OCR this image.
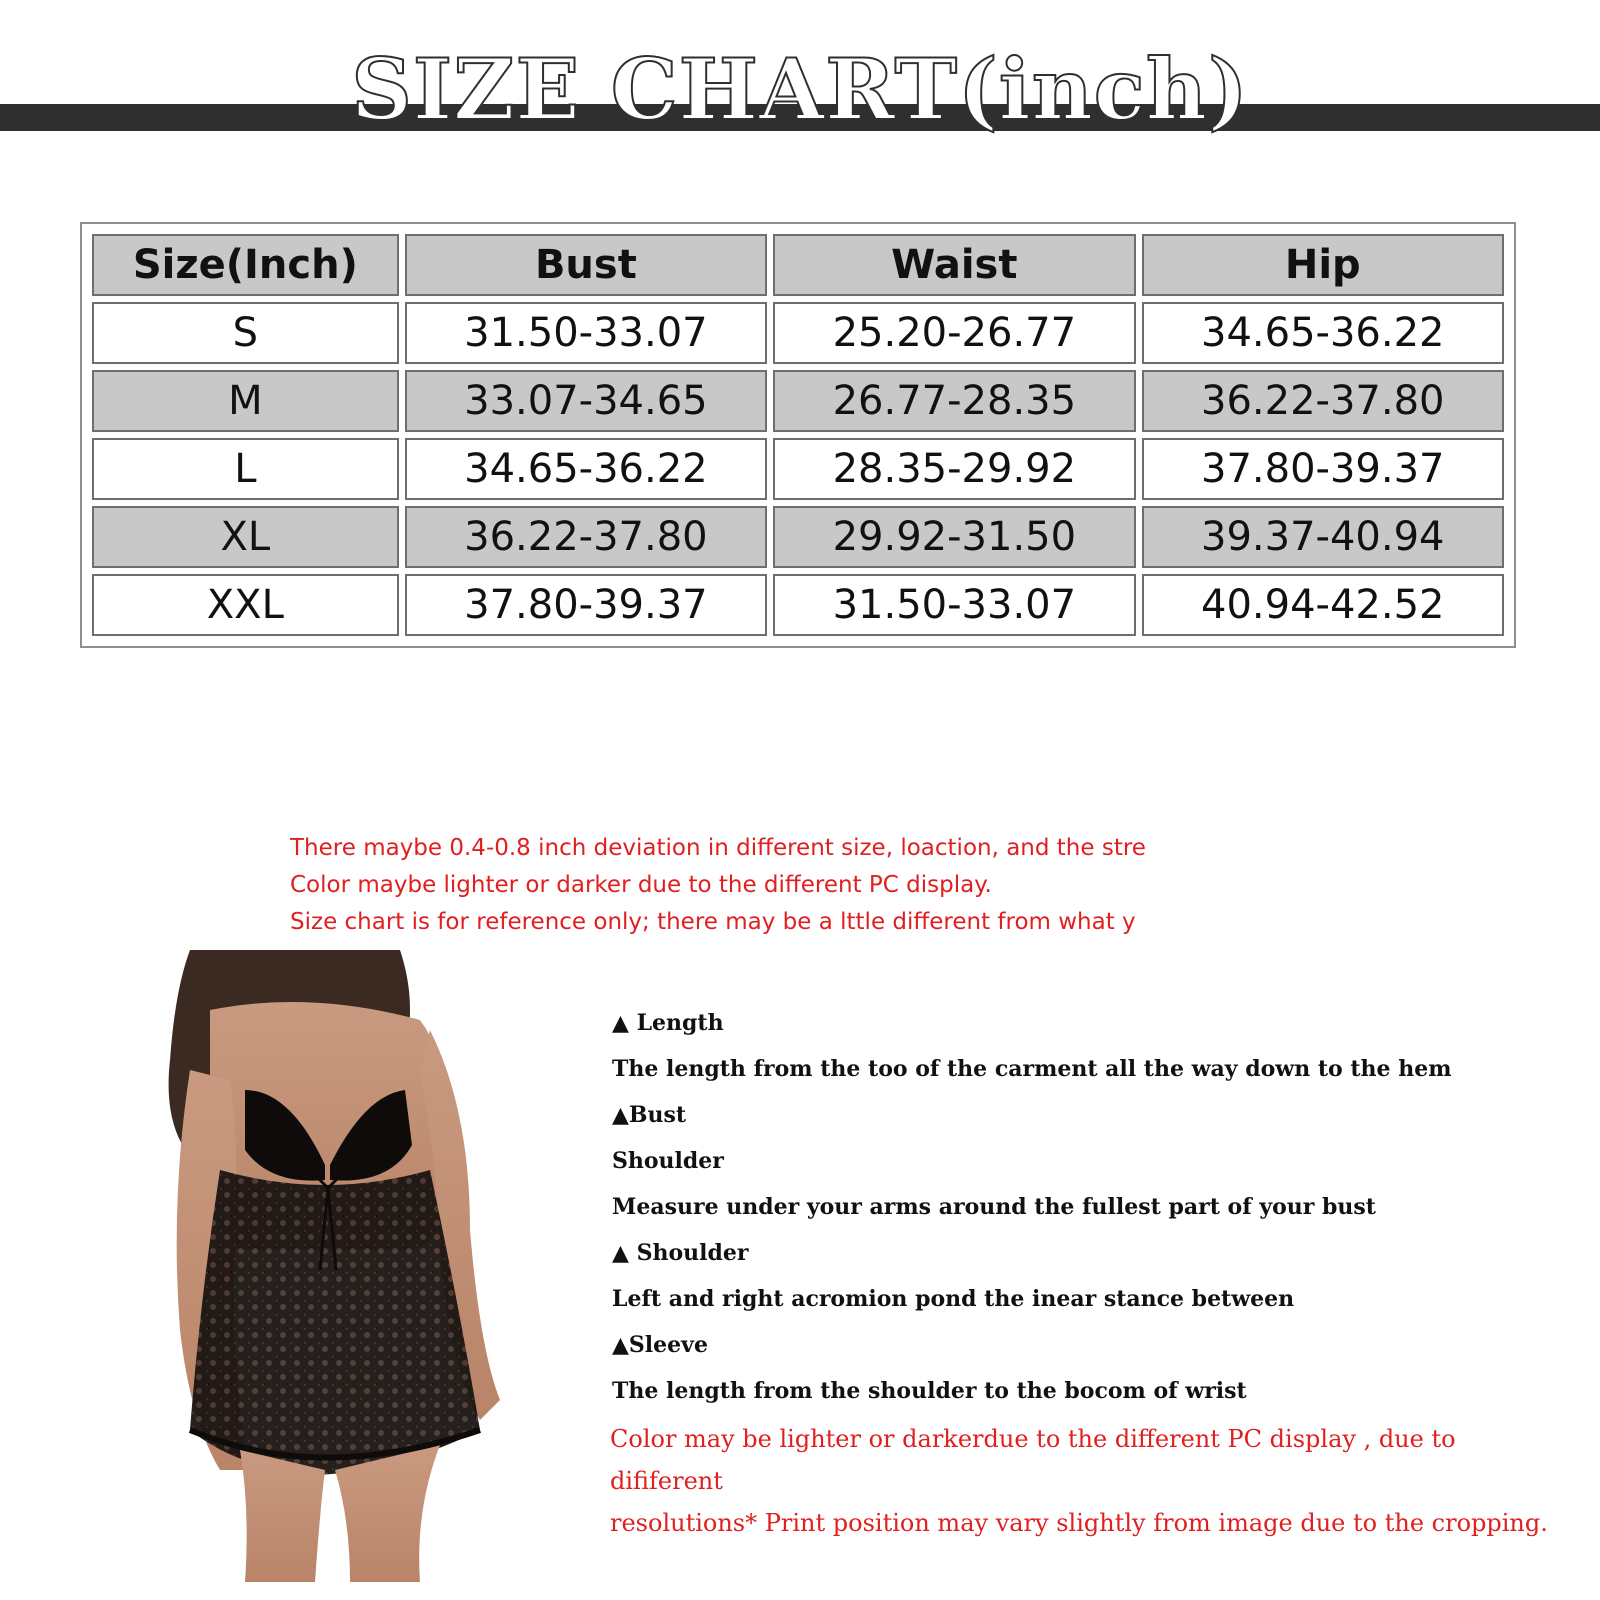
SIZE CHART(inch)
Size(Inch)	Bust	Waist	Hip
S	31.50-33.07	25.20-26.77	34.65-36.22
M	33.07-34.65	26.77-28.35	36.22-37.80
L	34.65-36.22	28.35-29.92	37.80-39.37
XL	36.22-37.80	29.92-31.50	39.37-40.94
XXL	37.80-39.37	31.50-33.07	40.94-42.52
There maybe 0.4-0.8 inch deviation in different size, loaction, and the stre
Color maybe lighter or darker due to the different PC display.
Size chart is for reference only; there may be a lttle different from what y
▲ Length
The length from the too of the carment all the way down to the hem
▲Bust
Shoulder
Measure under your arms around the fullest part of your bust
▲ Shoulder
Left and right acromion pond the inear stance between
▲Sleeve
The length from the shoulder to the bocom of wrist
Color may be lighter or darkerdue to the different PC display , due to dififerent
resolutions* Print position may vary slightly from image due to the cropping.
